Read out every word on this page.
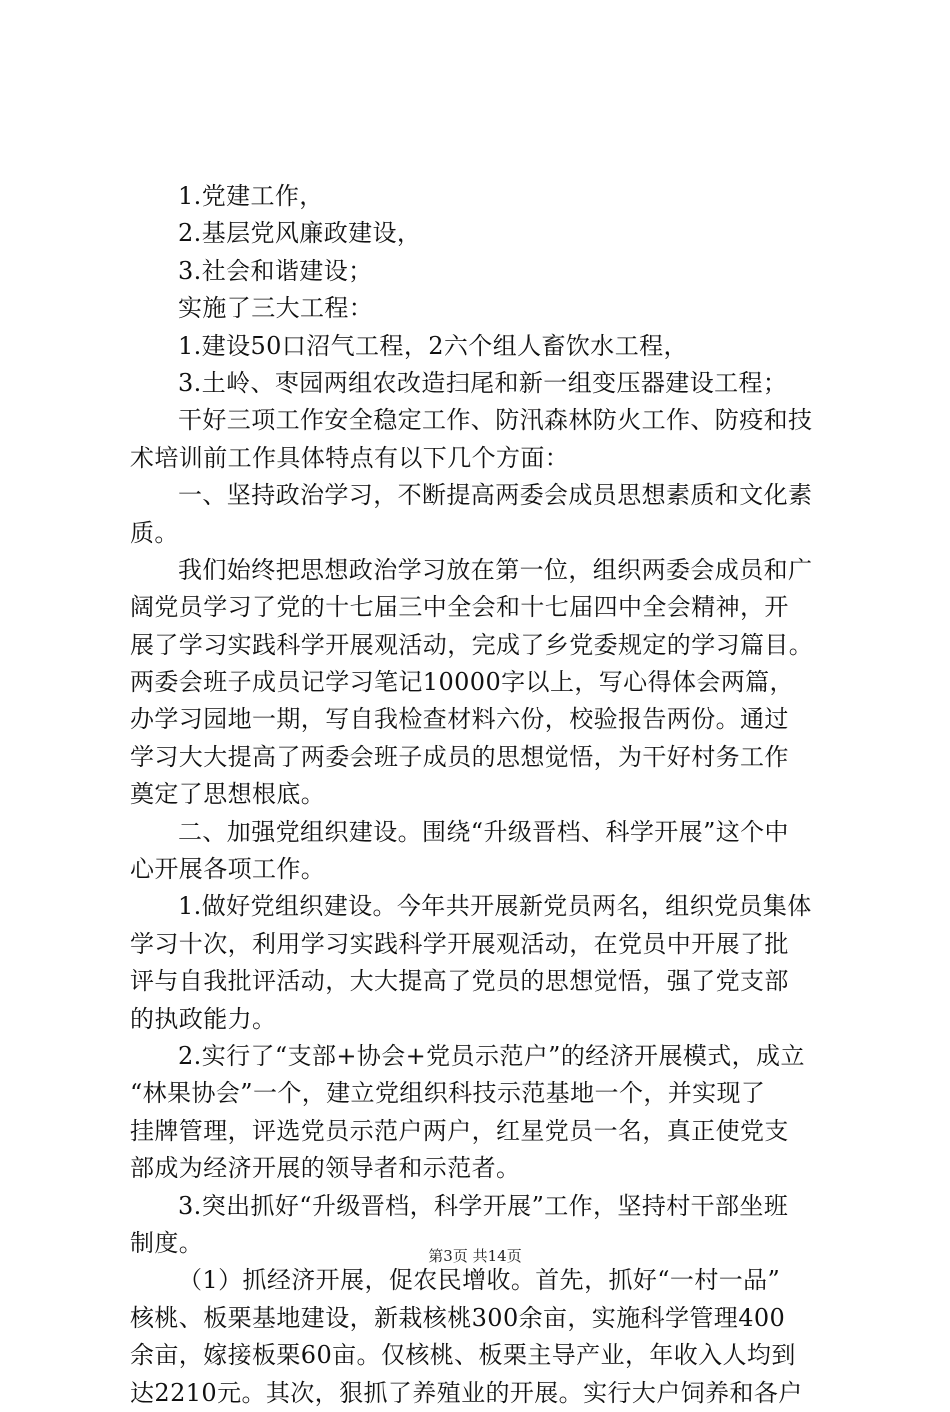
1.党建工作，
2.基层党风廉政建设，
3.社会和谐建设；
实施了三大工程：
1.建设50口沼气工程，2六个组人畜饮水工程，
3.土岭、枣园两组农改造扫尾和新一组变压器建设工程；
干好三项工作安全稳定工作、防汛森林防火工作、防疫和技
术培训前工作具体特点有以下几个方面：
一、坚持政治学习，不断提高两委会成员思想素质和文化素
质。
我们始终把思想政治学习放在第一位，组织两委会成员和广
阔党员学习了党的十七届三中全会和十七届四中全会精神，开
展了学习实践科学开展观活动，完成了乡党委规定的学习篇目。
两委会班子成员记学习笔记10000字以上，写心得体会两篇，
办学习园地一期，写自我检查材料六份，校验报告两份。通过
学习大大提高了两委会班子成员的思想觉悟，为干好村务工作
奠定了思想根底。
二、加强党组织建设。围绕“升级晋档、科学开展”这个中
心开展各项工作。
1.做好党组织建设。今年共开展新党员两名，组织党员集体
学习十次，利用学习实践科学开展观活动，在党员中开展了批
评与自我批评活动，大大提高了党员的思想觉悟，强了党支部
的执政能力。
2.实行了“支部+协会+党员示范户”的经济开展模式，成立
“林果协会”一个，建立党组织科技示范基地一个，并实现了
挂牌管理，评选党员示范户两户，红星党员一名，真正使党支
部成为经济开展的领导者和示范者。
3.突出抓好“升级晋档，科学开展”工作，坚持村干部坐班
制度。
（1）抓经济开展，促农民增收。首先，抓好“一村一品”
核桃、板栗基地建设，新栽核桃300余亩，实施科学管理400
余亩，嫁接板栗60亩。仅核桃、板栗主导产业，年收入人均到
达2210元。其次，狠抓了养殖业的开展。实行大户饲养和各户
第3页 共14页
